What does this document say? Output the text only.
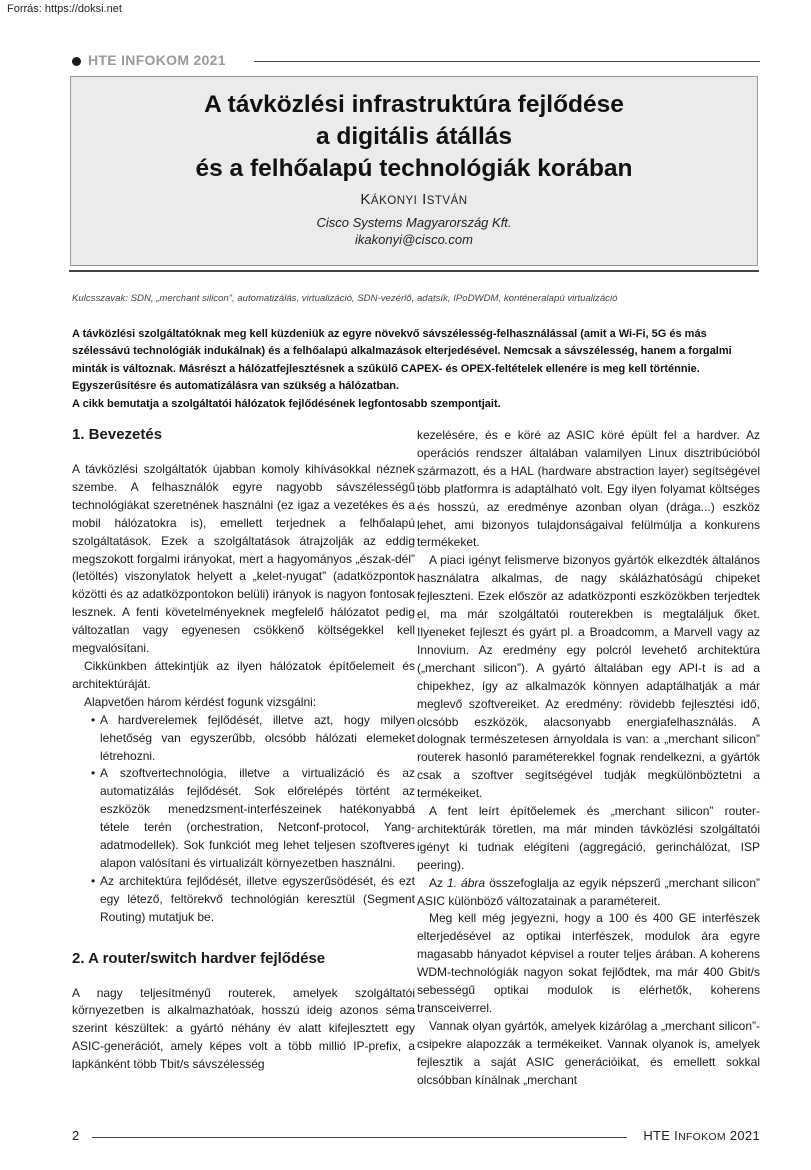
Forrás: https://doksi.net
HTE INFOKOM 2021
A távközlési infrastruktúra fejlődése
a digitális átállás
és a felhőalapú technológiák korában
KÁKONYI ISTVÁN
Cisco Systems Magyarország Kft.
ikakonyi@cisco.com
Kulcsszavak: SDN, „merchant silicon”, automatizálás, virtualizáció, SDN-vezérlő, adatsík, IPoDWDM, konténeralapú virtualizáció

A távközlési szolgáltatóknak meg kell küzdeniük az egyre növekvő sávszélesség-felhasználással (amit a Wi-Fi, 5G és más szélessávú technológiák indukálnak) és a felhőalapú alkalmazások elterjedésével. Nemcsak a sávszélesség, hanem a forgalmi minták is változnak. Másrészt a hálózatfejlesztésnek a szűkülő CAPEX- és OPEX-feltételek ellenére is meg kell történnie. Egyszerűsítésre és automatizálásra van szükség a hálózatban.

A cikk bemutatja a szolgáltatói hálózatok fejlődésének legfontosabb szempontjait.

1. Bevezetés

A távközlési szolgáltatók újabban komoly kihívásokkal néznek szembe. A felhasználók egyre nagyobb sávszélességű technológiákat szeretnének használni (ez igaz a vezetékes és a mobil hálózatokra is), emellett terjednek a felhőalapú szolgáltatások. Ezek a szolgáltatások átrajzolják az eddig megszokott forgalmi irányokat, mert a hagyományos „észak-dél” (letöltés) viszonylatok helyett a „kelet-nyugat” (adatközpontok közötti és az adatközpontokon belüli) irányok is nagyon fontosak lesznek. A fenti követelményeknek megfelelő hálózatot pedig változatlan vagy egyenesen csökkenő költségekkel kell megvalósítani.

Cikkünkben áttekintjük az ilyen hálózatok építőelemeit és architektúráját.

Alapvetően három kérdést fogunk vizsgálni:

• A hardverelemek fejlődését, illetve azt, hogy milyen lehetőség van egyszerűbb, olcsóbb hálózati elemeket létrehozni.
• A szoftvertechnológia, illetve a virtualizáció és az automatizálás fejlődését. Sok előrelépés történt az eszközök menedzsment-interfészeinek hatékonyabbá tétele terén (orchestration, Netconf-protocol, Yang-adatmodellek). Sok funkciót meg lehet teljesen szoftveres alapon valósítani és virtualizált környezetben használni.
• Az architektúra fejlődését, illetve egyszerűsödését, és ezt egy létező, feltörekvő technológián keresztül (Segment Routing) mutatjuk be.
2. A router/switch hardver fejlődése

A nagy teljesítményű routerek, amelyek szolgáltatói környezetben is alkalmazhatóak, hosszú ideig azonos séma szerint készültek: a gyártó néhány év alatt kifejlesztett egy ASIC-generációt, amely képes volt a több millió IP-prefix, a lapkánként több Tbit/s sávszélesség

kezelésére, és e köré az ASIC köré épült fel a hardver. Az operációs rendszer általában valamilyen Linux disztribúcióból származott, és a HAL (hardware abstraction layer) segítségével több platformra is adaptálható volt. Egy ilyen folyamat költséges és hosszú, az eredménye azonban olyan (drága...) eszköz lehet, ami bizonyos tulajdonságaival felülmúlja a konkurens termékeket.

A piaci igényt felismerve bizonyos gyártók elkezdték általános használatra alkalmas, de nagy skálázhatóságú chipeket fejleszteni. Ezek először az adatközponti eszközökben terjedtek el, ma már szolgáltatói routerekben is megtaláljuk őket. Ilyeneket fejleszt és gyárt pl. a Broadcomm, a Marvell vagy az Innovium. Az eredmény egy polcról levehető architektúra („merchant silicon”). A gyártó általában egy API-t is ad a chipekhez, így az alkalmazók könnyen adaptálhatják a már meglevő szoftvereiket. Az eredmény: rövidebb fejlesztési idő, olcsóbb eszközök, alacsonyabb energiafelhasználás. A dolognak természetesen árnyoldala is van: a „merchant silicon” routerek hasonló paraméterekkel fognak rendelkezni, a gyártók csak a szoftver segítségével tudják megkülönböztetni a termékeiket.

A fent leírt építőelemek és „merchant silicon” router-architektúrák töretlen, ma már minden távközlési szolgáltatói igényt ki tudnak elégíteni (aggregáció, gerinchálózat, ISP peering).

Az 1. ábra összefoglalja az egyik népszerű „merchant silicon” ASIC különböző változatainak a paramétereit.

Meg kell még jegyezni, hogy a 100 és 400 GE interfészek elterjedésével az optikai interfészek, modulok ára egyre magasabb hányadot képvisel a router teljes árában. A koherens WDM-technológiák nagyon sokat fejlődtek, ma már 400 Gbit/s sebességű optikai modulok is elérhetők, koherens transceiverrel.

Vannak olyan gyártók, amelyek kizárólag a „merchant silicon”-csipekre alapozzák a termékeiket. Vannak olyanok is, amelyek fejlesztik a saját ASIC generációikat, és emellett sokkal olcsóbban kínálnak „merchant

2	HTE INFOKOM 2021
